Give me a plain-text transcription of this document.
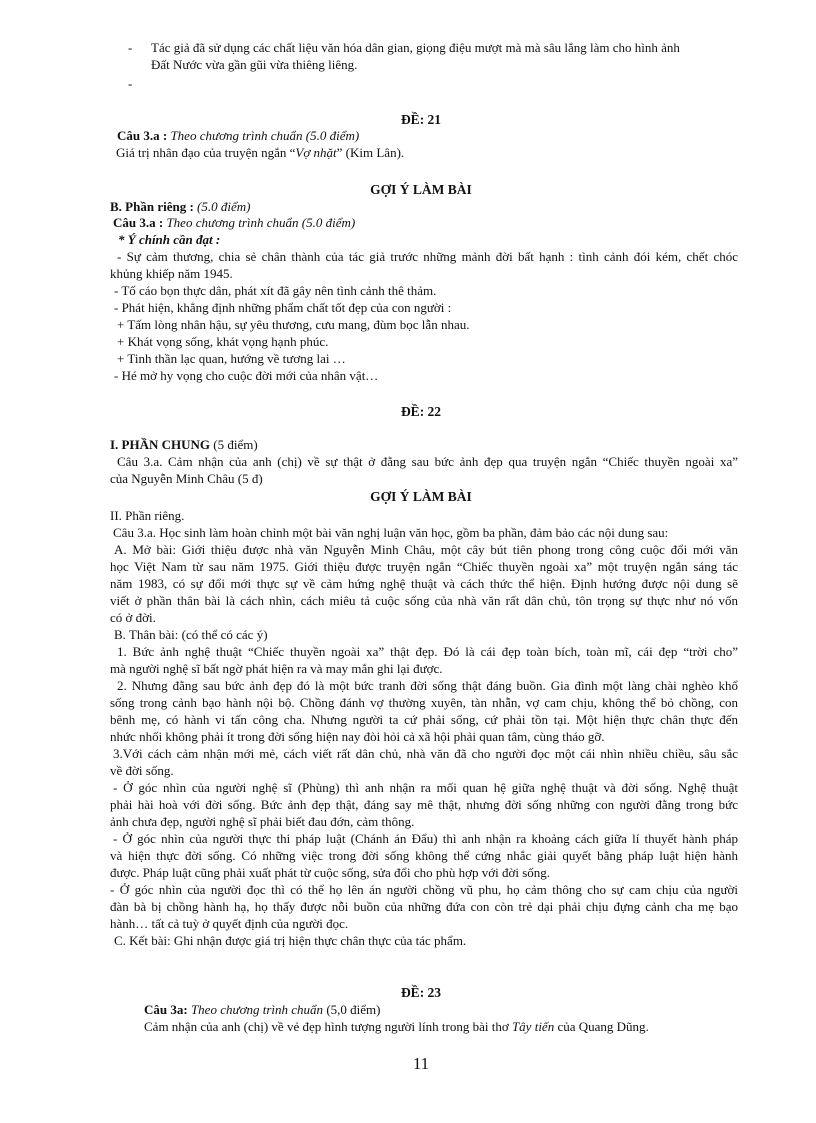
- Tác giả đã sử dụng các chất liệu văn hóa dân gian, giọng điệu mượt mà mà sâu lắng làm cho hình ảnh
Đất Nước vừa gần gũi vừa thiêng liêng.
-
ĐỀ: 21
Câu 3.a : Theo chương trình chuẩn (5.0 điểm)
Giá trị nhân đạo của truyện ngắn “Vợ nhặt” (Kim Lân).
GỢI Ý LÀM BÀI
B. Phần riêng : (5.0 điểm)
Câu 3.a : Theo chương trình chuẩn (5.0 điểm)
* Ý chính cần đạt :
- Sự cảm thương, chia sẻ chân thành của tác giả trước những mảnh đời bất hạnh : tình cảnh đói kém, chết chóc
khủng khiếp năm 1945.
- Tố cáo bọn thực dân, phát xít đã gây nên tình cảnh thê thảm.
- Phát hiện, khẳng định những phẩm chất tốt đẹp của con người :
+ Tấm lòng nhân hậu, sự yêu thương, cưu mang, đùm bọc lẫn nhau.
+ Khát vọng sống, khát vọng hạnh phúc.
+ Tinh thần lạc quan, hướng về tương lai …
- Hé mở hy vọng cho cuộc đời mới của nhân vật…
ĐỀ: 22
I. PHẦN CHUNG (5 điểm)
Câu 3.a. Cảm nhận của anh (chị) về sự thật ở đằng sau bức ảnh đẹp qua truyện ngắn “Chiếc thuyền ngoài xa”
của Nguyễn Minh Châu (5 đ)
GỢI Ý LÀM BÀI
II. Phần riêng.
Câu 3.a. Học sinh làm hoàn chỉnh một bài văn nghị luận văn học, gồm ba phần, đảm bảo các nội dung sau:
A. Mở bài: Giới thiệu được nhà văn Nguyễn Minh Châu, một cây bút tiên phong trong công cuộc đổi mới văn
học Việt Nam từ sau năm 1975. Giới thiệu được truyện ngắn “Chiếc thuyền ngoài xa” một truyện ngắn sáng tác
năm 1983, có sự đổi mới thực sự về cảm hứng nghệ thuật và cách thức thể hiện. Định hướng được nội dung sẽ
viết ở phần thân bài là cách nhìn, cách miêu tả cuộc sống của nhà văn rất dân chủ, tôn trọng sự thực như nó vốn
có ở đời.
B. Thân bài: (có thể có các ý)
1. Bức ảnh nghệ thuật “Chiếc thuyền ngoài xa” thật đẹp. Đó là cái đẹp toàn bích, toàn mĩ, cái đẹp “trời cho”
mà người nghệ sĩ bất ngờ phát hiện ra và may mắn ghi lại được.
2. Nhưng đằng sau bức ảnh đẹp đó là một bức tranh đời sống thật đáng buồn. Gia đình một làng chài nghèo khổ
sống trong cảnh bạo hành nội bộ. Chồng đánh vợ thường xuyên, tàn nhẫn, vợ cam chịu, không thể bỏ chồng, con
bênh mẹ, có hành vi tấn công cha. Nhưng người ta cứ phải sống, cứ phải tồn tại. Một hiện thực chân thực đến
nhức nhối không phải ít trong đời sống hiện nay đòi hỏi cả xã hội phải quan tâm, cùng tháo gỡ.
3.Với cách cảm nhận mới mẻ, cách viết rất dân chủ, nhà văn đã cho người đọc một cái nhìn nhiều chiều, sâu sắc
về đời sống.
- Ở góc nhìn của người nghệ sĩ (Phùng) thì anh nhận ra mối quan hệ giữa nghệ thuật và đời sống. Nghệ thuật
phải hài hoà với đời sống. Bức ảnh đẹp thật, đáng say mê thật, nhưng đời sống những con người đằng trong bức
ảnh chưa đẹp, người nghệ sĩ phải biết đau đớn, cảm thông.
- Ở góc nhìn của người thực thi pháp luật (Chánh án Đẩu) thì anh nhận ra khoảng cách giữa lí thuyết hành pháp
và hiện thực đời sống. Có những việc trong đời sống không thể cứng nhắc giải quyết bằng pháp luật hiện hành
được. Pháp luật cũng phải xuất phát từ cuộc sống, sửa đổi cho phù hợp với đời sống.
- Ở góc nhìn của người đọc thì có thể họ lên án người chồng vũ phu, họ cảm thông cho sự cam chịu của người
đàn bà bị chồng hành hạ, họ thấy được nỗi buồn của những đứa con còn trẻ dại phải chịu đựng cảnh cha mẹ bạo
hành… tất cả tuỳ ở quyết định của người đọc.
C. Kết bài: Ghi nhận được giá trị hiện thực chân thực của tác phẩm.
ĐỀ: 23
Câu 3a: Theo chương trình chuẩn (5,0 điểm)
Cảm nhận của anh (chị) về vẻ đẹp hình tượng người lính trong bài thơ Tây tiến của Quang Dũng.
11
